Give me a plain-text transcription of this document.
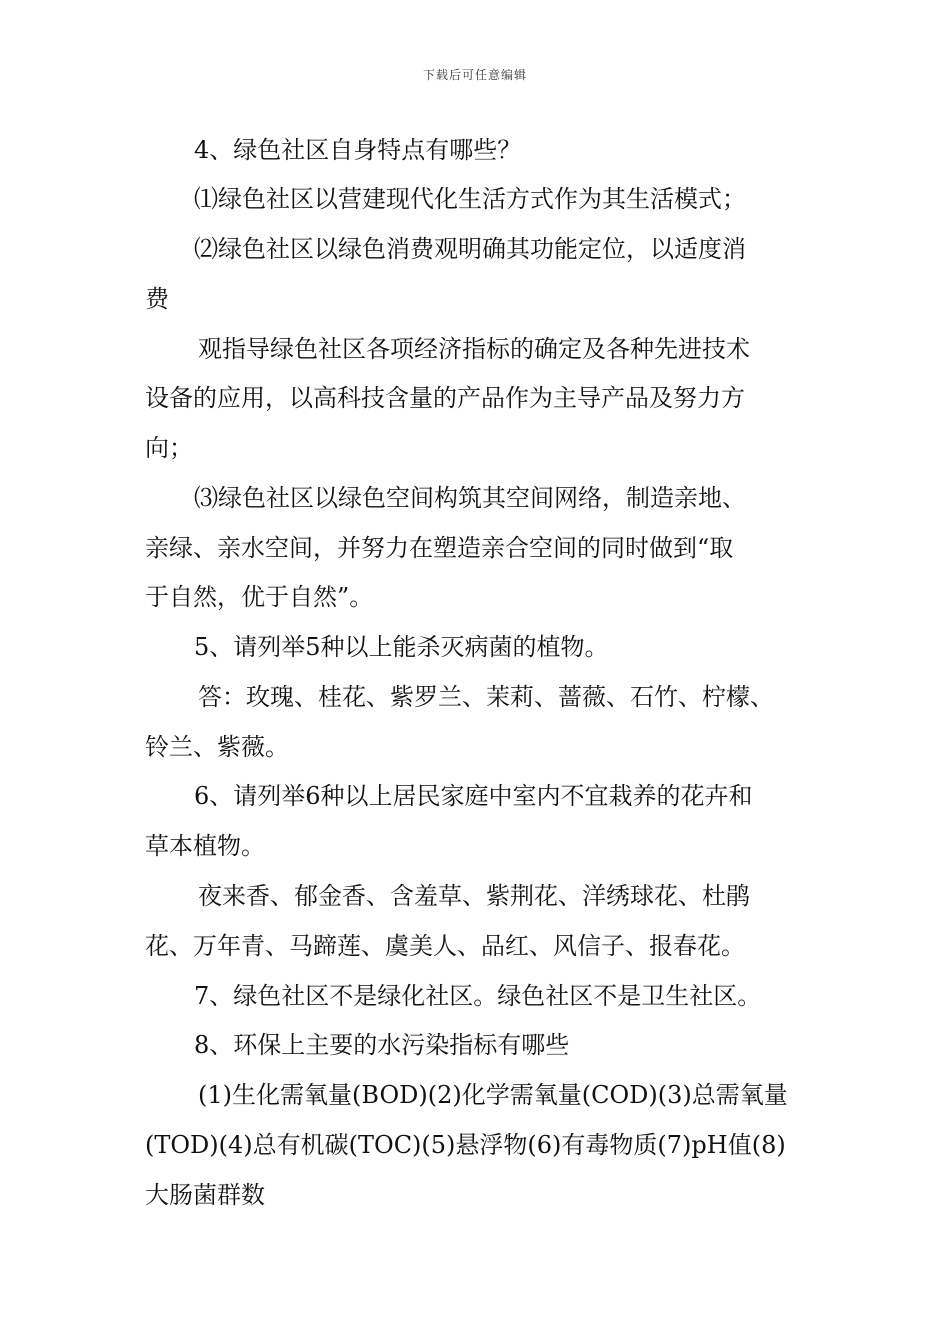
下载后可任意编辑
4、绿色社区自身特点有哪些？
⑴绿色社区以营建现代化生活方式作为其生活模式；
⑵绿色社区以绿色消费观明确其功能定位，以适度消
费
观指导绿色社区各项经济指标的确定及各种先进技术
设备的应用，以高科技含量的产品作为主导产品及努力方
向；
⑶绿色社区以绿色空间构筑其空间网络，制造亲地、
亲绿、亲水空间，并努力在塑造亲合空间的同时做到“取
于自然，优于自然”。
5、请列举5种以上能杀灭病菌的植物。
答：玫瑰、桂花、紫罗兰、茉莉、蔷薇、石竹、柠檬、
铃兰、紫薇。
6、请列举6种以上居民家庭中室内不宜栽养的花卉和
草本植物。
夜来香、郁金香、含羞草、紫荆花、洋绣球花、杜鹃
花、万年青、马蹄莲、虞美人、品红、风信子、报春花。
7、绿色社区不是绿化社区。绿色社区不是卫生社区。
8、环保上主要的水污染指标有哪些
(1)生化需氧量(BOD)(2)化学需氧量(COD)(3)总需氧量
(TOD)(4)总有机碳(TOC)(5)悬浮物(6)有毒物质(7)pH值(8)
大肠菌群数
